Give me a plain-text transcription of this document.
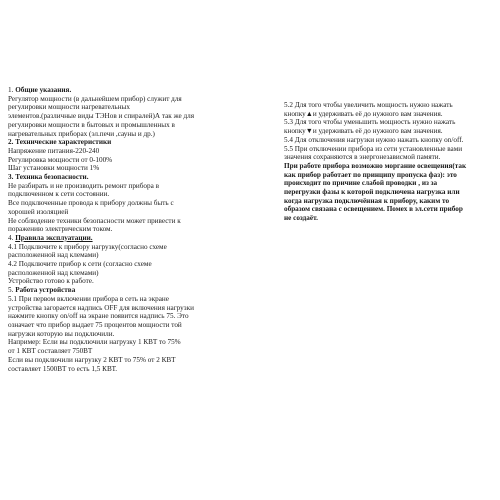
1. Общие указания.
Регулятор мощности (в дальнейшем прибор) служит для
регулировки мощности нагревательных
элементов.(различные виды ТЭНов и спиралей)А так же для
регулировки мощности в бытовых и промышленных в
нагревательных приборах (эл.печи ,сауны и др.)
2. Технические характеристики
Напряжение питания-220-240
Регулировка мощности от 0-100%
Шаг установки мощности 1%
3. Техника безопасности.
Не разбирать и не производить ремонт прибора в
подключенном к сети состоянии.
Все подключенные провода к прибору должны быть с
хорошей изоляцией
Не соблюдение техники безопасности может привести к
поражению электрическим током.
4. Правила эксплуатации.
4.1 Подключите к прибору нагрузку(согласно схеме
расположенной над клемами)
4.2 Подключите прибор к сети (согласно схеме
расположенной над клемами)
Устройство готово к работе.
5. Работа устройства
5.1 При первом включении прибора в сеть на экране
устройства загорается надпись OFF для включения нагрузки
нажмите кнопку on/off на экране появится надпись 75. Это
означает что прибор выдает 75 процентов мощности той
нагрузки которую вы подключили.
Например: Если вы подключили нагрузку 1 КВТ то 75%
от 1 КВТ составляет 750ВТ
Если вы подключили нагрузку 2 КВТ то 75% от 2 КВТ
составляет 1500ВТ то есть 1,5 КВТ.
5.2 Для того чтобы увеличить мощность нужно нажать
кнопку▲и удерживать её до нужного вам значения.
5.3 Для того чтобы уменьшить мощность нужно нажать
кнопку▼и удерживать её до нужного вам значения.
5.4 Для отключения нагрузки нужно нажать кнопку on/off.
5.5 При отключении прибора из сети установленные вами
значения сохраняются в энергонезависмой памяти.
При работе прибора возможно моргание освещения(так
как прибор работает по принципу пропуска фаз): это
происходит по причине слабой проводки , из за
перегрузки фазы к которой подключена нагрузка или
когда нагрузка подключённая к прибору, каким то
образом связана с освещением. Помех в эл.сети прибор
не создаёт.
